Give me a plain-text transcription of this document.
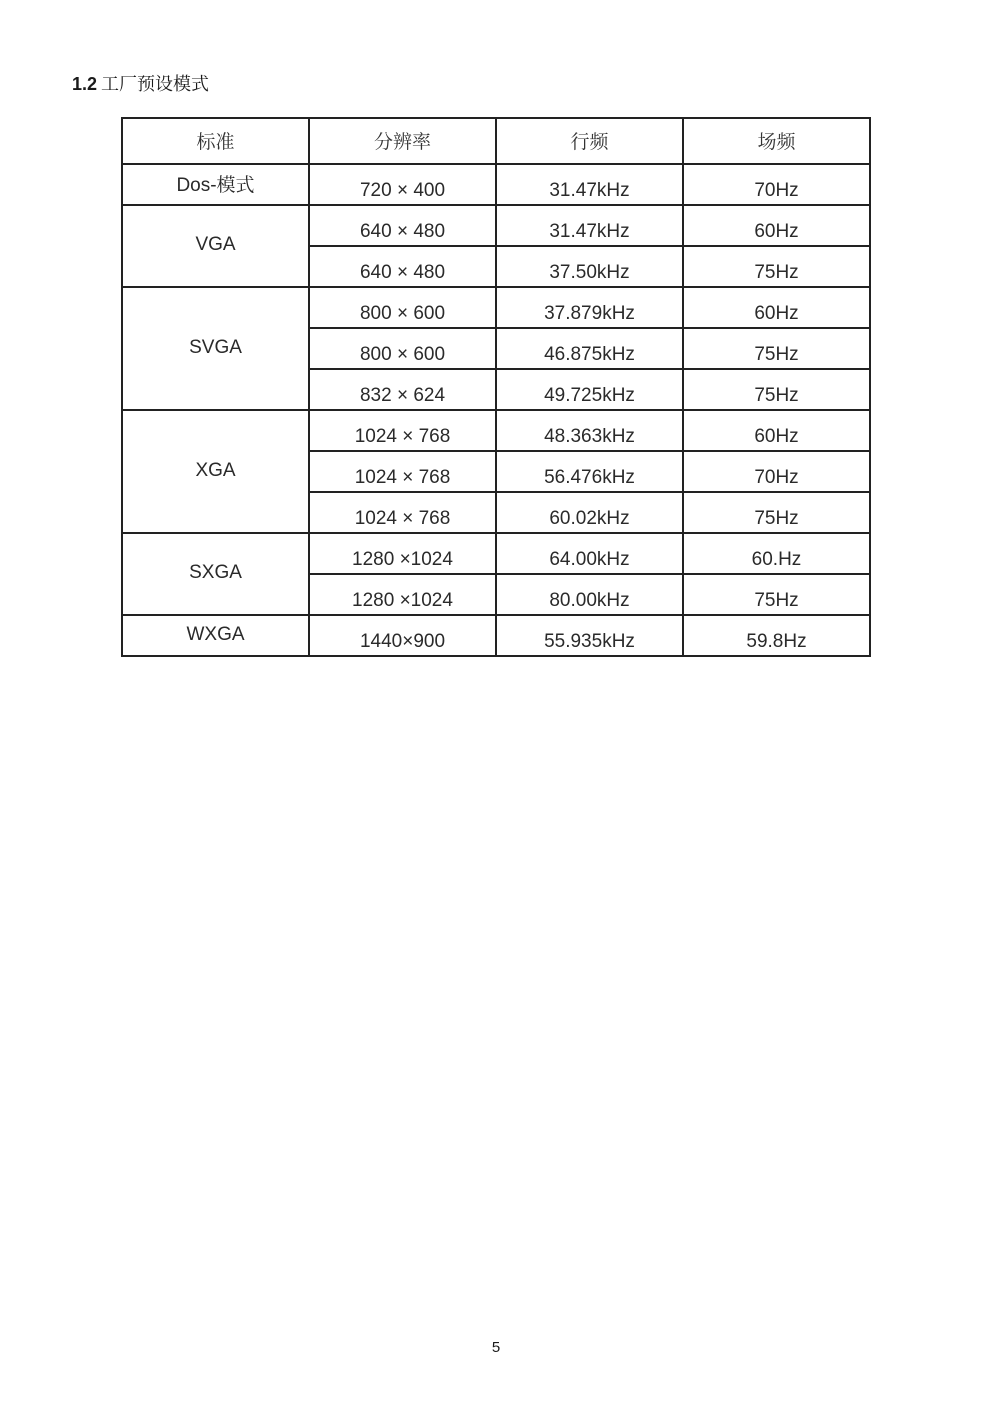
1.2 工厂预设模式
标准	分辨率	行频	场频
Dos-模式	720 × 400	31.47kHz	70Hz
VGA	640 × 480	31.47kHz	60Hz
	640 × 480	37.50kHz	75Hz
SVGA	800 × 600	37.879kHz	60Hz
	800 × 600	46.875kHz	75Hz
	832 × 624	49.725kHz	75Hz
XGA	1024 × 768	48.363kHz	60Hz
	1024 × 768	56.476kHz	70Hz
	1024 × 768	60.02kHz	75Hz
SXGA	1280 ×1024	64.00kHz	60.Hz
	1280 ×1024	80.00kHz	75Hz
WXGA	1440×900	55.935kHz	59.8Hz
5
